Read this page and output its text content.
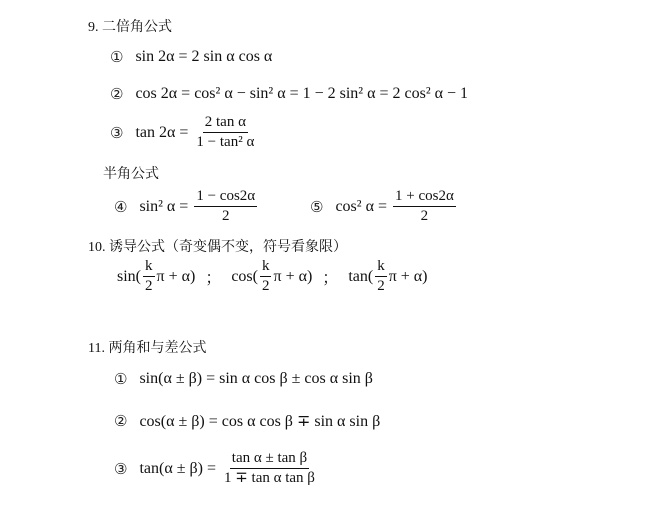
9. 二倍角公式
① sin 2α = 2 sin α cos α
② cos 2α = cos² α − sin² α = 1 − 2 sin² α = 2 cos² α − 1
③ $\tan 2\alpha = \frac{\text{2 tan α}}{\text{1 − tan² α}}$
半角公式
④ sin² $\alpha = \frac{1 - \cos 2\alpha}{2}$	⑤ cos² $\alpha = \frac{1 + \cos 2\alpha}{2}$
10. 诱导公式（奇变偶不变，符号看象限）
$\sin( \frac{k}{2}$ π + α) ； $\cos( \frac{k}{2}$ π + α) ； $\tan( \frac{k}{2}$ π + α)
11. 两角和与差公式
① sin(α ± β) = sin α cos β ± cos α sin β
② cos(α ± β) = cos α cos β ∓ sin α sin β
③ $\tan(\alpha \pm \beta) = \frac{\text{tan α ± tan β}}{\text{1 ∓ tan α tan β}}$
